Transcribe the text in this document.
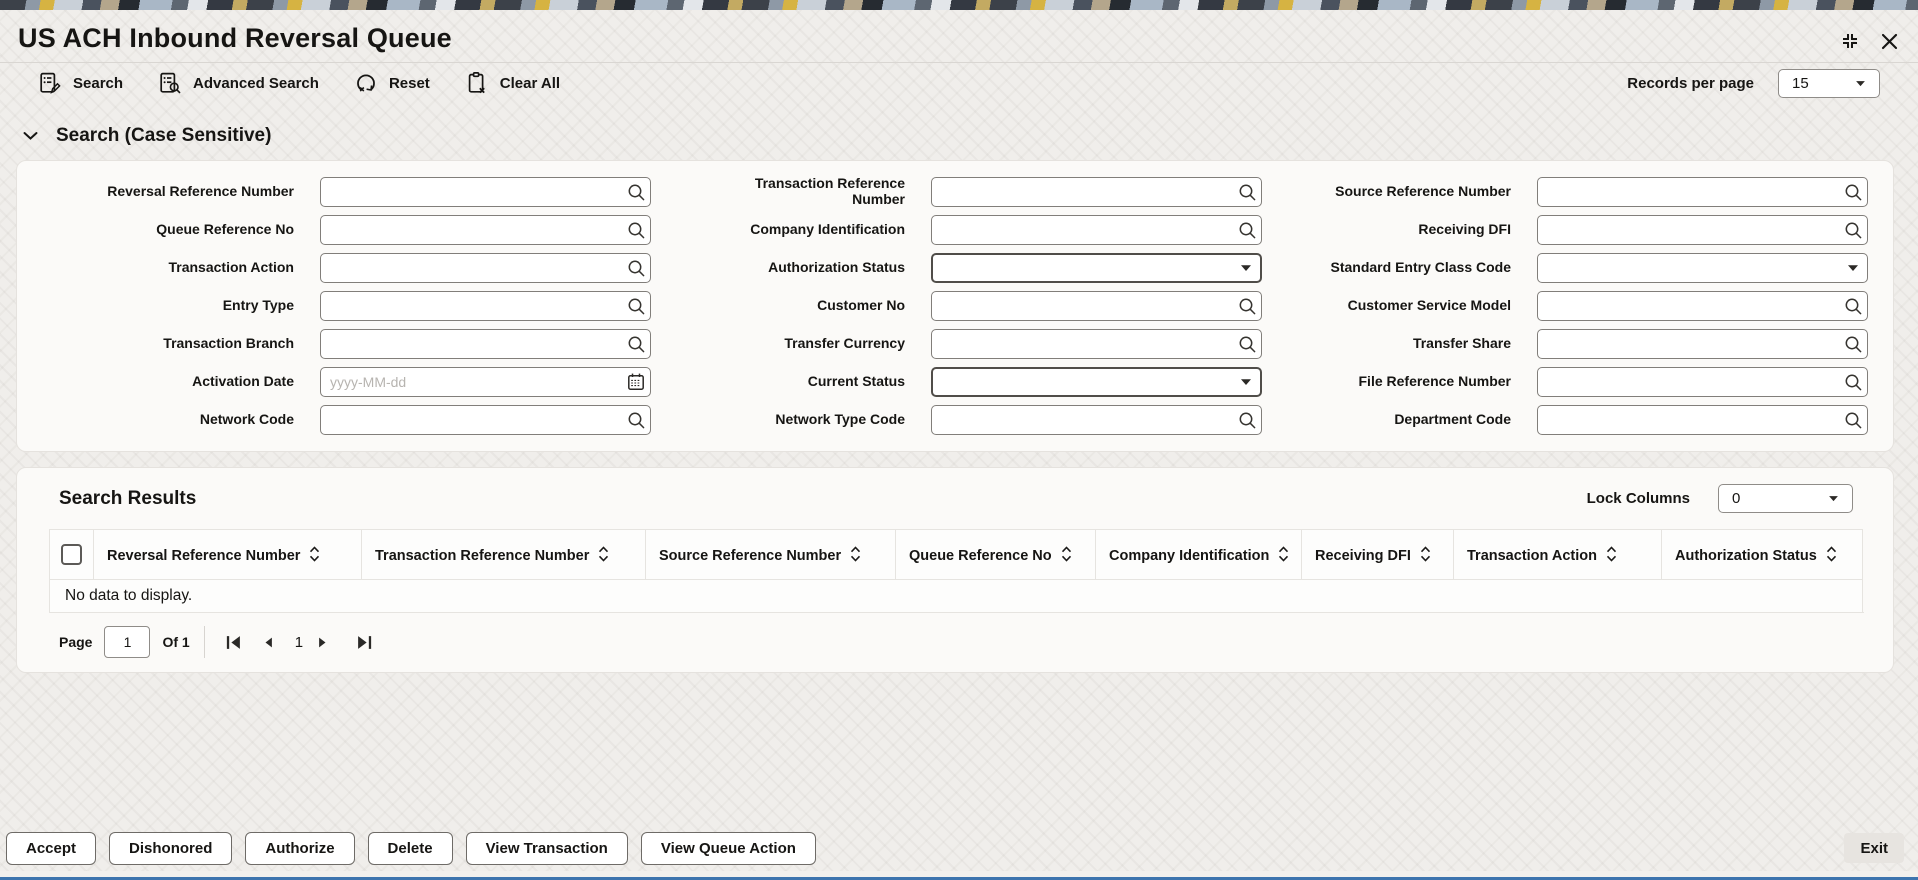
US ACH Inbound Reversal Queue
Search	Advanced Search	Reset	Clear All	Records per page	15
Search (Case Sensitive)
Reversal Reference Number
Queue Reference No
Transaction Action
Entry Type
Transaction Branch
Activation Date
yyyy-MM-dd
Network Code
Transaction Reference Number
Company Identification
Authorization Status
Customer No
Transfer Currency
Current Status
Network Type Code
Source Reference Number
Receiving DFI
Standard Entry Class Code
Customer Service Model
Transfer Share
File Reference Number
Department Code
Search Results	Lock Columns	0
	Reversal Reference Number	Transaction Reference Number	Source Reference Number	Queue Reference No	Company Identification	Receiving DFI	Transaction Action	Authorization Status	
No data to display.
Page
1	Of 1	1
Accept	Dishonored	Authorize	Delete	View Transaction	View Queue Action	Exit
